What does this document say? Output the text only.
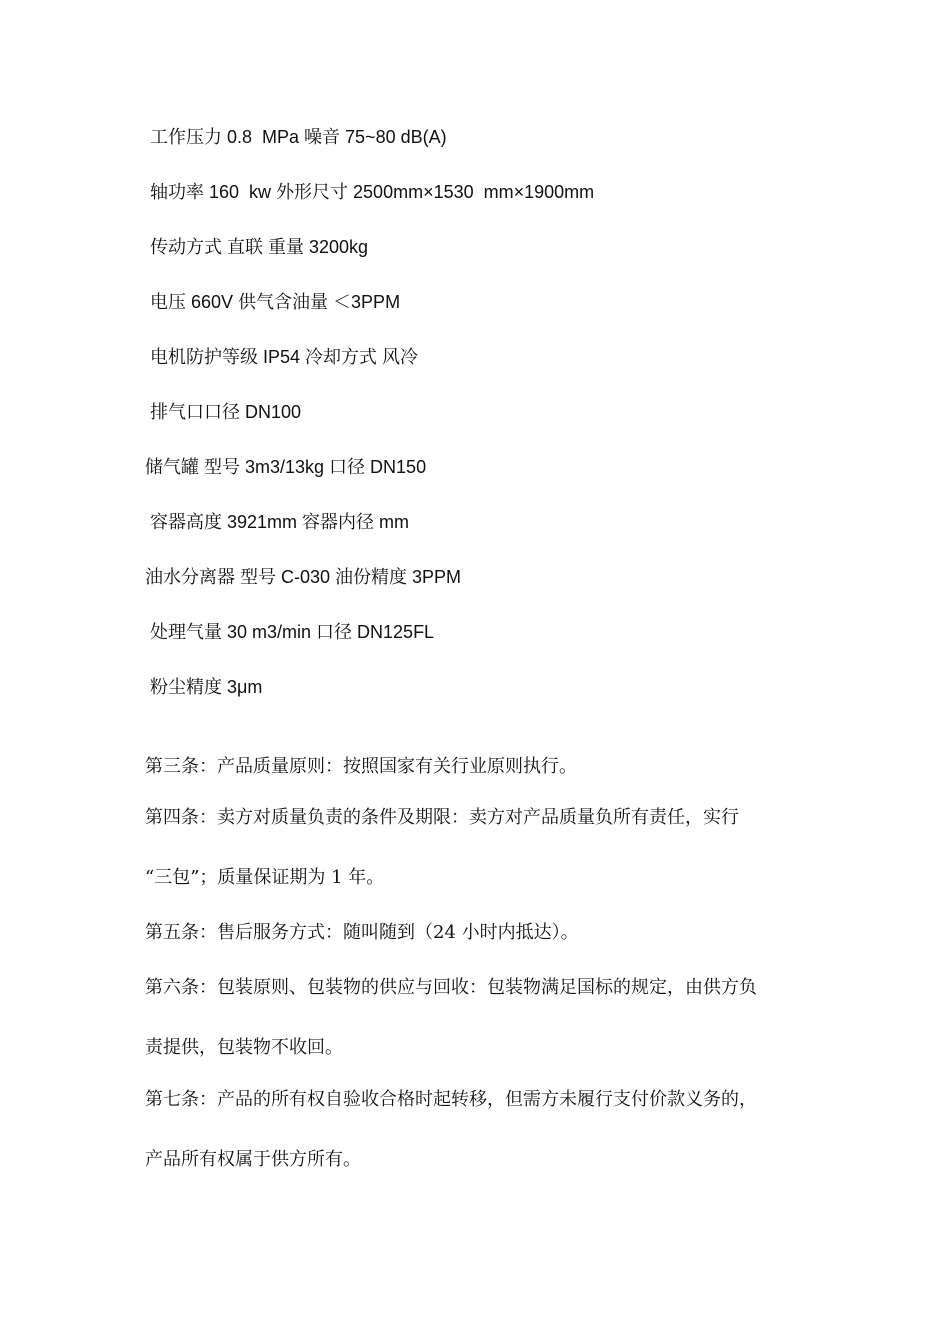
工作压力 0.8  MPa 噪音 75~80 dB(A)
轴功率 160  kw 外形尺寸 2500mm×1530  mm×1900mm
传动方式 直联 重量 3200kg
电压 660V 供气含油量 ＜3PPM
电机防护等级 IP54 冷却方式 风冷
排气口口径 DN100
储气罐 型号 3m3/13kg 口径 DN150
容器高度 3921mm 容器内径 mm
油水分离器 型号 C-030 油份精度 3PPM
处理气量 30 m3/min 口径 DN125FL
粉尘精度 3μm
第三条：产品质量原则：按照国家有关行业原则执行。
第四条：卖方对质量负责的条件及期限：卖方对产品质量负所有责任，实行
“三包”；质量保证期为 1 年。
第五条：售后服务方式：随叫随到（24 小时内抵达）。
第六条：包装原则、包装物的供应与回收：包装物满足国标的规定，由供方负
责提供，包装物不收回。
第七条：产品的所有权自验收合格时起转移，但需方未履行支付价款义务的，
产品所有权属于供方所有。
